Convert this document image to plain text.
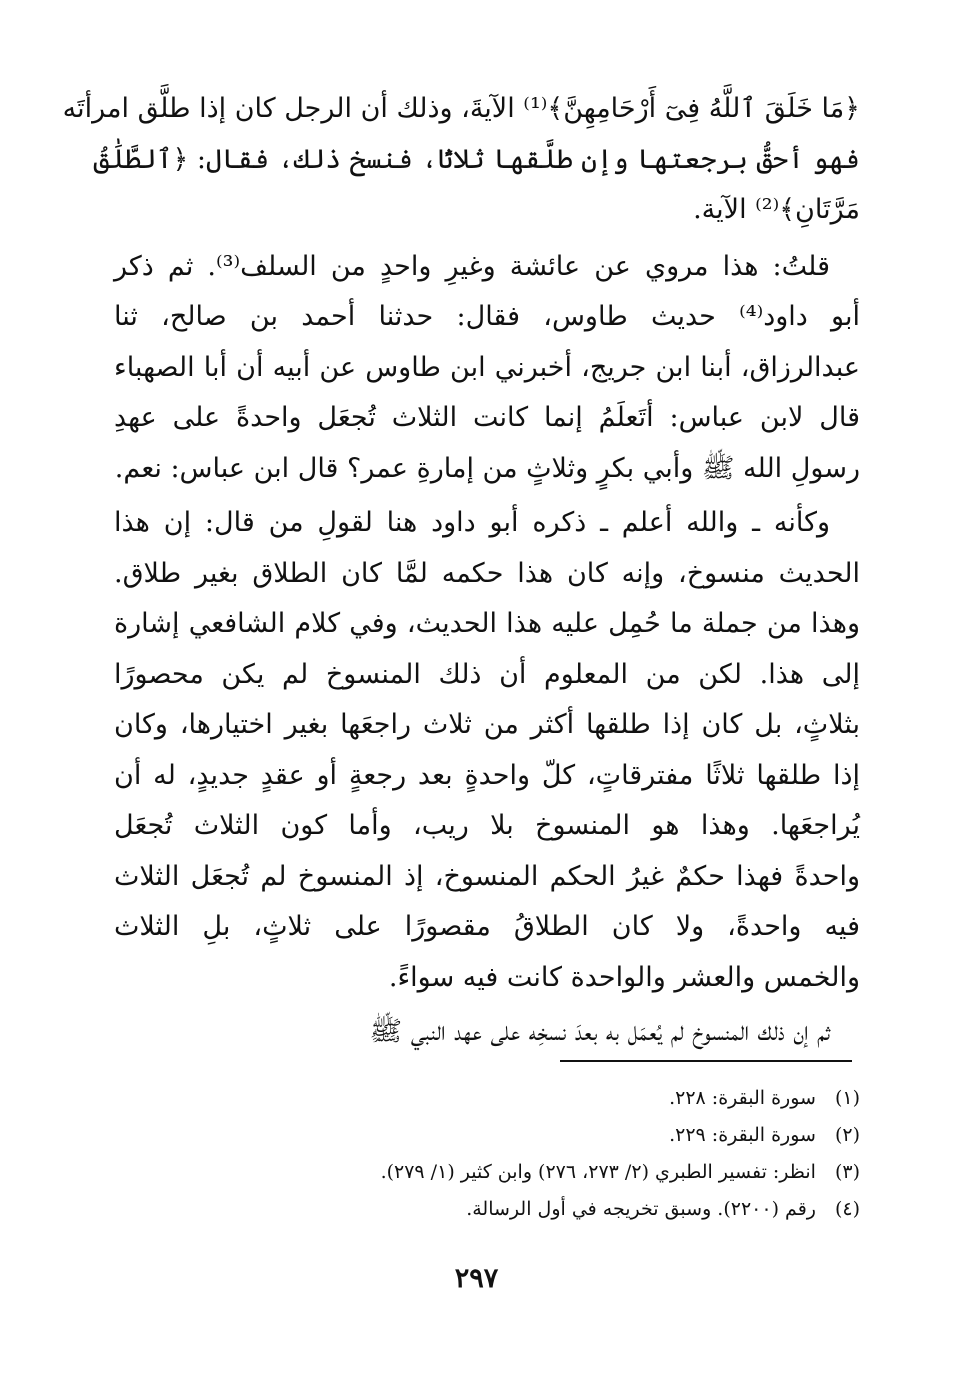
﴿مَا خَلَقَ ٱللَّهُ فِىٓ أَرْحَامِهِنَّ﴾⁽¹⁾ الآيةَ، وذلك أن الرجل كان إذا طلَّق امرأتَه
فهو أحقُّ برجعتها وإن طلَّقها ثلاثًا، فنسخ ذلك، فقال: ﴿ٱلطَّلَٰقُ
مَرَّتَانِ﴾⁽²⁾ الآية.
قلتُ: هذا مروي عن عائشة وغيرِ واحدٍ من السلف⁽³⁾. ثم ذكر
أبو داود⁽⁴⁾ حديث طاوس، فقال: حدثنا أحمد بن صالح، ثنا
عبدالرزاق، أبنا ابن جريج، أخبرني ابن طاوس عن أبيه أن أبا الصهباء
قال لابن عباس: أتَعلَمُ إنما كانت الثلاث تُجعَل واحدةً على عهدِ
رسولِ الله ﷺ وأبي بكرٍ وثلاثٍ من إمارةِ عمر؟ قال ابن عباس: نعم.
وكأنه ـ والله أعلم ـ ذكره أبو داود هنا لقولِ من قال: إن هذا
الحديث منسوخ، وإنه كان هذا حكمه لمَّا كان الطلاق بغير طلاق.
وهذا من جملة ما حُمِل عليه هذا الحديث، وفي كلام الشافعي إشارة
إلى هذا. لكن من المعلوم أن ذلك المنسوخ لم يكن محصورًا
بثلاثٍ، بل كان إذا طلقها أكثر من ثلاث راجعَها بغير اختيارها، وكان
إذا طلقها ثلاثًا مفترقاتٍ، كلّ واحدةٍ بعد رجعةٍ أو عقدٍ جديدٍ، له أن
يُراجعَها. وهذا هو المنسوخ بلا ريب، وأما كون الثلاث تُجعَل
واحدةً فهذا حكمٌ غيرُ الحكم المنسوخ، إذ المنسوخ لم تُجعَل الثلاث
فيه واحدةً، ولا كان الطلاقُ مقصورًا على ثلاثٍ، بلِ الثلاث
والخمس والعشر والواحدة كانت فيه سواءً.
ثم إن ذلك المنسوخ لم يُعمَل به بعدَ نسخِه على عهد النبي ﷺ
(١) سورة البقرة: ٢٢٨.
(٢) سورة البقرة: ٢٢٩.
(٣) انظر: تفسير الطبري (٢/ ٢٧٣، ٢٧٦) وابن كثير (١/ ٢٧٩).
(٤) رقم (٢٢٠٠). وسبق تخريجه في أول الرسالة.
٢٩٧
